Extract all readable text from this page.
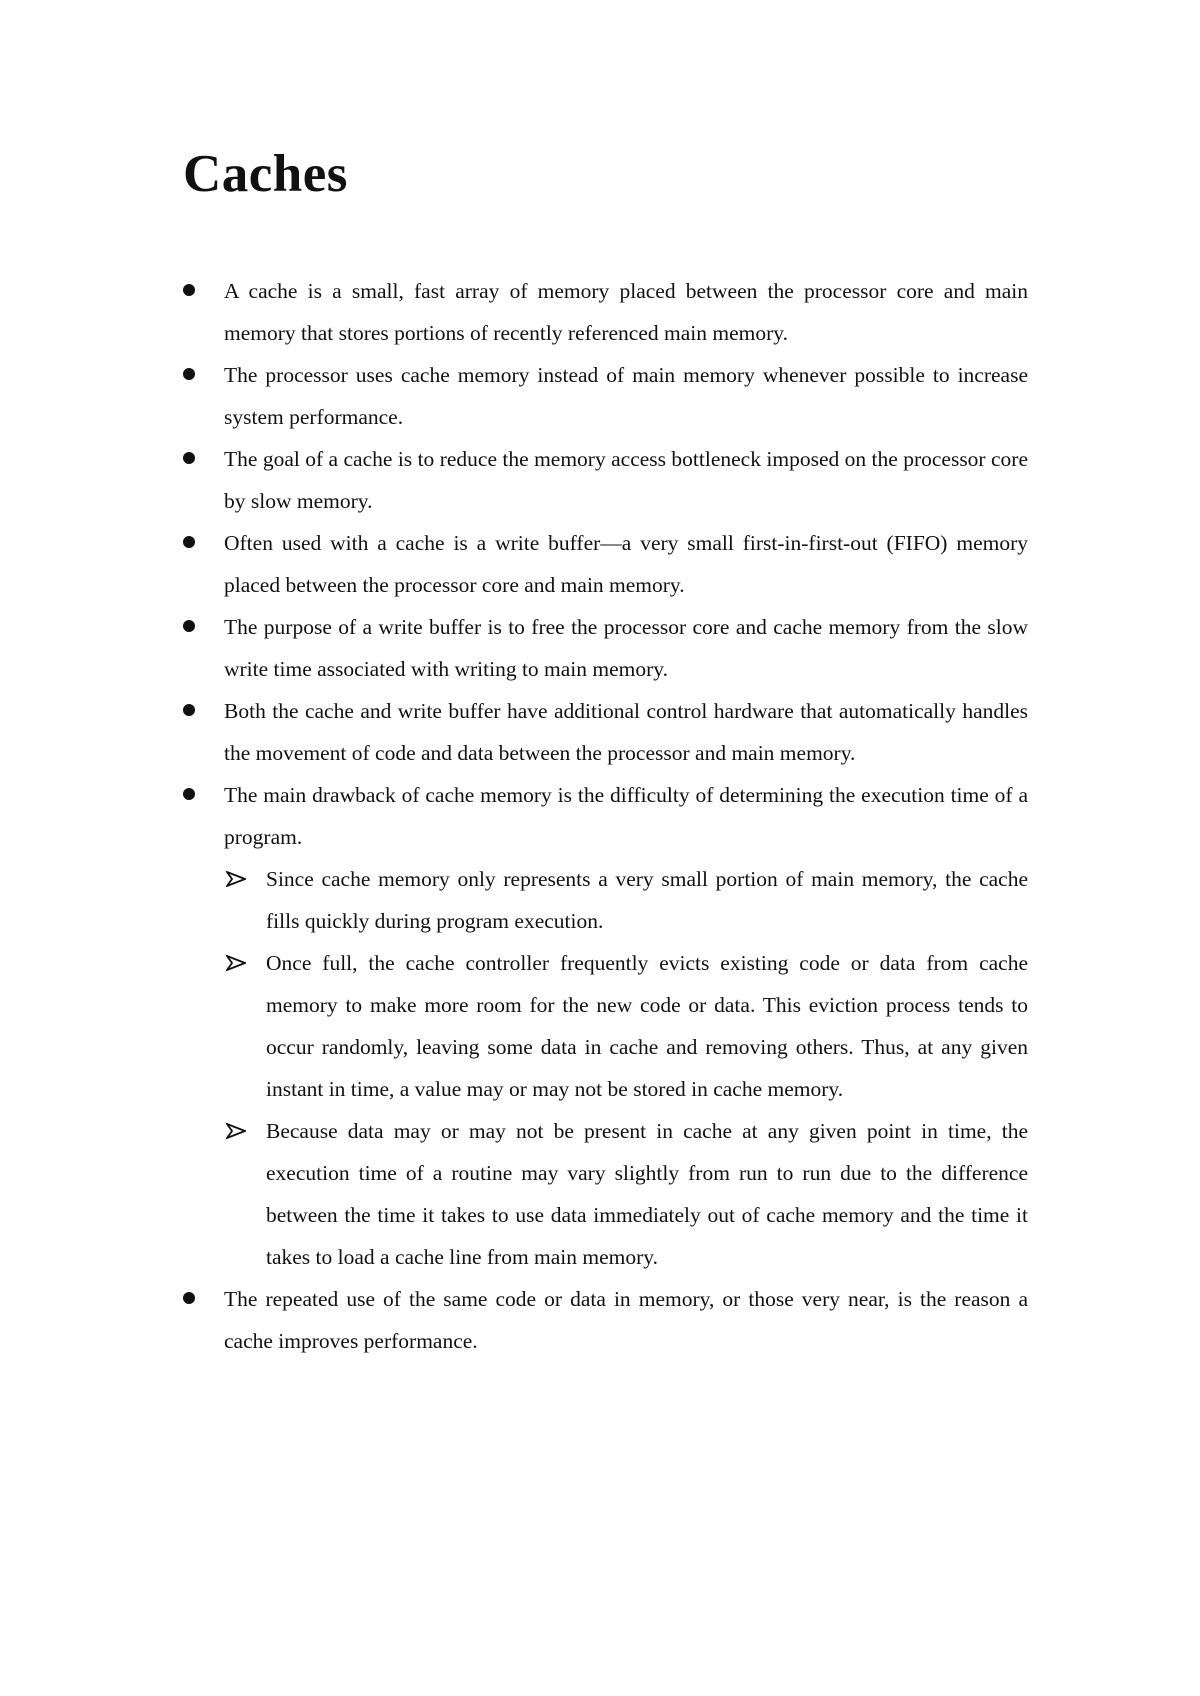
Caches
A cache is a small, fast array of memory placed between the processor core and main memory that stores portions of recently referenced main memory.
The processor uses cache memory instead of main memory whenever possible to increase system performance.
The goal of a cache is to reduce the memory access bottleneck imposed on the processor core by slow memory.
Often used with a cache is a write buffer—a very small first-in-first-out (FIFO) memory placed between the processor core and main memory.
The purpose of a write buffer is to free the processor core and cache memory from the slow write time associated with writing to main memory.
Both the cache and write buffer have additional control hardware that automatically handles the movement of code and data between the processor and main memory.
The main drawback of cache memory is the difficulty of determining the execution time of a program.
Since cache memory only represents a very small portion of main memory, the cache fills quickly during program execution.
Once full, the cache controller frequently evicts existing code or data from cache memory to make more room for the new code or data. This eviction process tends to occur randomly, leaving some data in cache and removing others. Thus, at any given instant in time, a value may or may not be stored in cache memory.
Because data may or may not be present in cache at any given point in time, the execution time of a routine may vary slightly from run to run due to the difference between the time it takes to use data immediately out of cache memory and the time it takes to load a cache line from main memory.
The repeated use of the same code or data in memory, or those very near, is the reason a cache improves performance.
